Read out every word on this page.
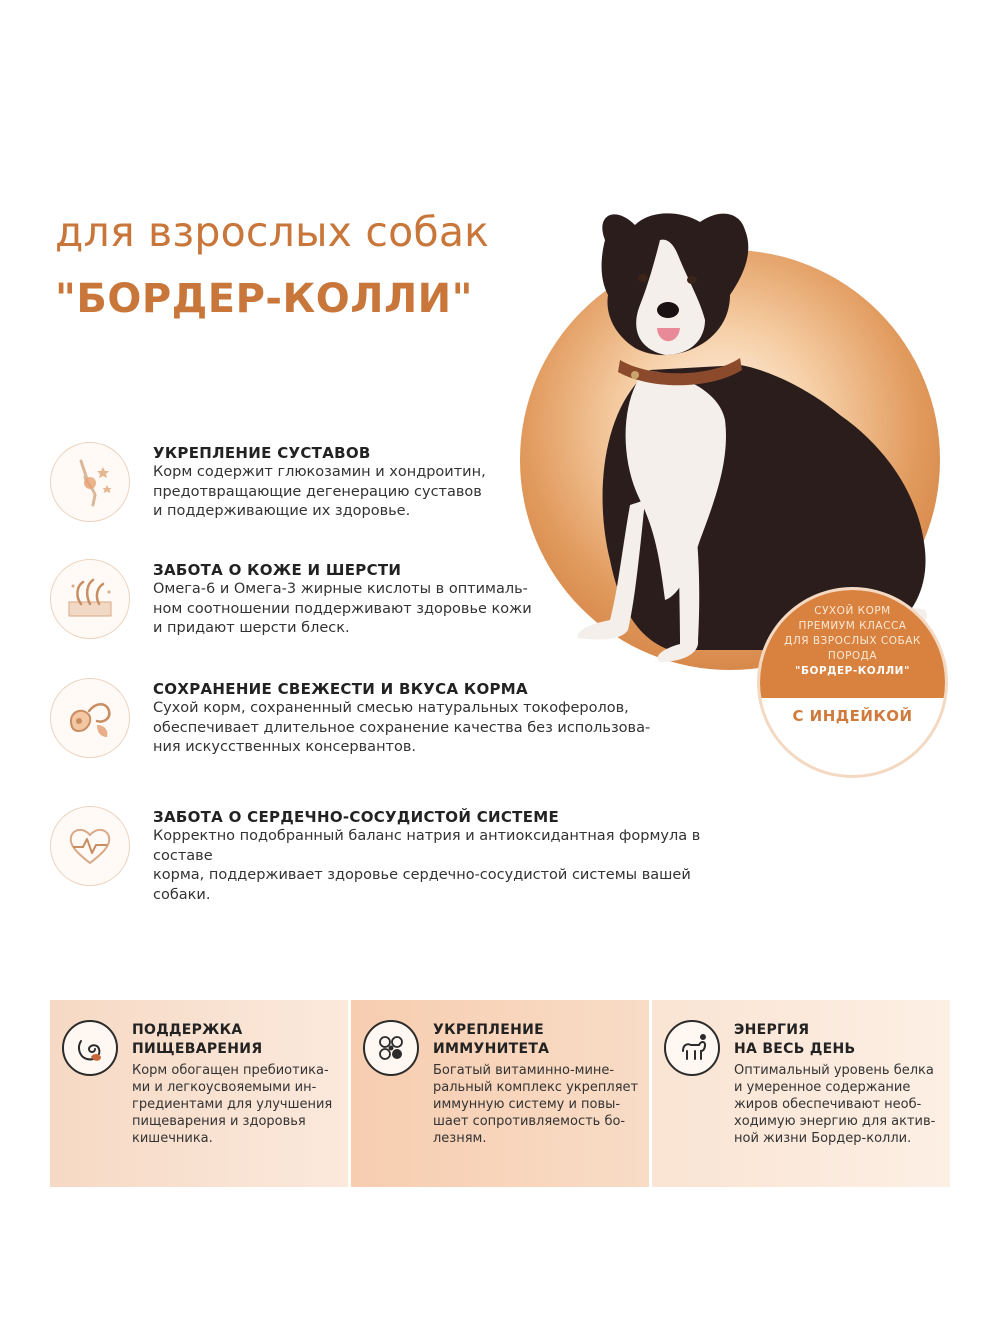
для взрослых собак
"БОРДЕР-КОЛЛИ"
СУХОЙ КОРМ
ПРЕМИУМ КЛАССА
ДЛЯ ВЗРОСЛЫХ СОБАК
ПОРОДА
"БОРДЕР-КОЛЛИ"
С ИНДЕЙКОЙ
УКРЕПЛЕНИЕ СУСТАВОВ
Корм содержит глюкозамин и хондроитин,
предотвращающие дегенерацию суставов
и поддерживающие их здоровье.
ЗАБОТА О КОЖЕ И ШЕРСТИ
Омега-6 и Омега-3 жирные кислоты в оптималь-
ном соотношении поддерживают здоровье кожи
и придают шерсти блеск.
СОХРАНЕНИЕ СВЕЖЕСТИ И ВКУСА КОРМА
Сухой корм, сохраненный смесью натуральных токоферолов,
обеспечивает длительное сохранение качества без использова-
ния искусственных консервантов.
ЗАБОТА О СЕРДЕЧНО-СОСУДИСТОЙ СИСТЕМЕ
Корректно подобранный баланс натрия и антиоксидантная формула в составе
корма, поддерживает здоровье сердечно-сосудистой системы вашей собаки.
ПОДДЕРЖКА
ПИЩЕВАРЕНИЯ
Корм обогащен пребиотика-
ми и легкоусвояемыми ин-
гредиентами для улучшения
пищеварения и здоровья
кишечника.
УКРЕПЛЕНИЕ
ИММУНИТЕТА
Богатый витаминно-мине-
ральный комплекс укрепляет
иммунную систему и повы-
шает сопротивляемость бо-
лезням.
ЭНЕРГИЯ
НА ВЕСЬ ДЕНЬ
Оптимальный уровень белка
и умеренное содержание
жиров обеспечивают необ-
ходимую энергию для актив-
ной жизни Бордер-колли.
